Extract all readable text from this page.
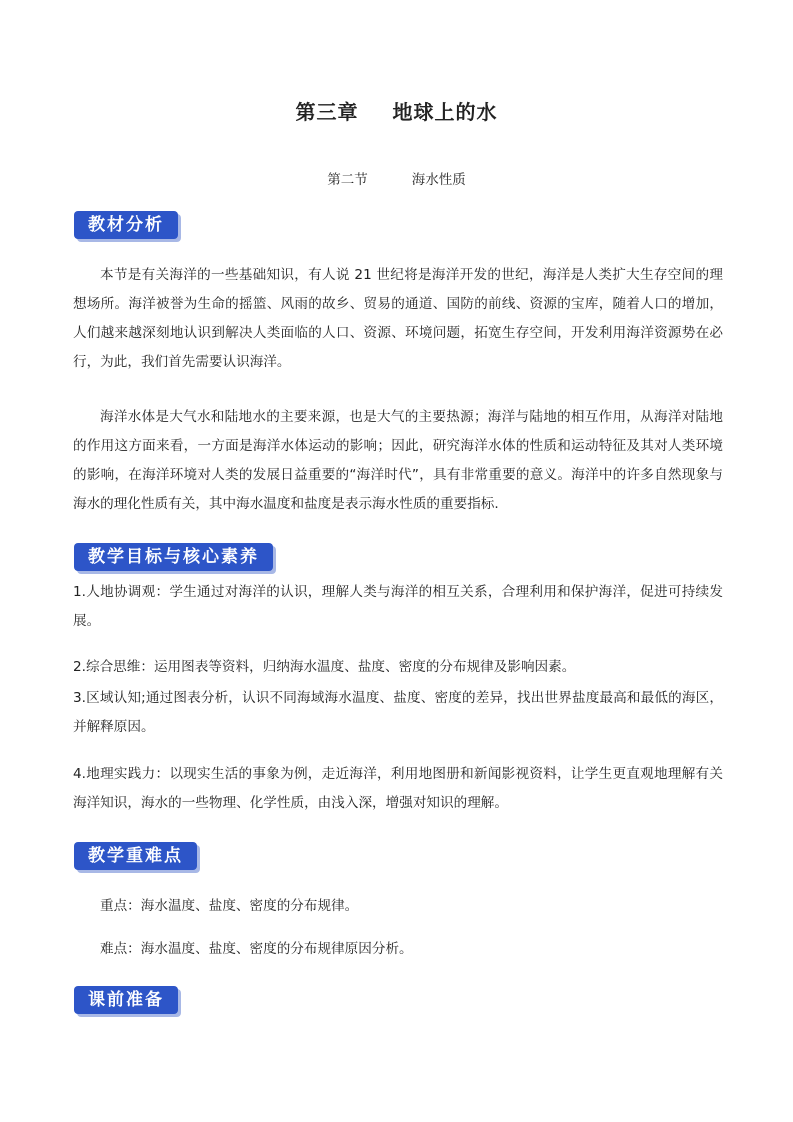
第三章 地球上的水
第二节	海水性质
教材分析
本节是有关海洋的一些基础知识，有人说 21 世纪将是海洋开发的世纪，海洋是人类扩大生存空间的理想场所。海洋被誉为生命的摇篮、风雨的故乡、贸易的通道、国防的前线、资源的宝库，随着人口的增加，人们越来越深刻地认识到解决人类面临的人口、资源、环境问题，拓宽生存空间，开发利用海洋资源势在必行，为此，我们首先需要认识海洋。
海洋水体是大气水和陆地水的主要来源，也是大气的主要热源；海洋与陆地的相互作用，从海洋对陆地的作用这方面来看，一方面是海洋水体运动的影响；因此，研究海洋水体的性质和运动特征及其对人类环境的影响，在海洋环境对人类的发展日益重要的“海洋时代”，具有非常重要的意义。海洋中的许多自然现象与海水的理化性质有关，其中海水温度和盐度是表示海水性质的重要指标.
教学目标与核心素养
1.人地协调观：学生通过对海洋的认识，理解人类与海洋的相互关系，合理利用和保护海洋，促进可持续发展。
2.综合思维：运用图表等资料，归纳海水温度、盐度、密度的分布规律及影响因素。
3.区域认知;通过图表分析，认识不同海域海水温度、盐度、密度的差异，找出世界盐度最高和最低的海区，并解释原因。
4.地理实践力：以现实生活的事象为例，走近海洋，利用地图册和新闻影视资料，让学生更直观地理解有关海洋知识，海水的一些物理、化学性质，由浅入深，增强对知识的理解。
教学重难点
重点：海水温度、盐度、密度的分布规律。
难点：海水温度、盐度、密度的分布规律原因分析。
课前准备
